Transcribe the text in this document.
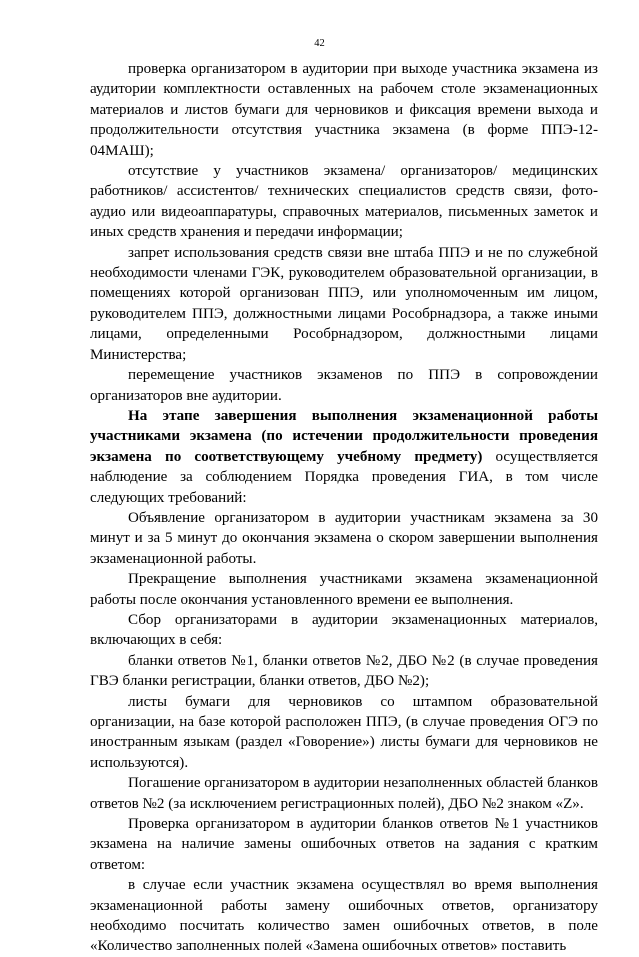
42

проверка организатором в аудитории при выходе участника экзамена из аудитории комплектности оставленных на рабочем столе экзаменационных материалов и листов бумаги для черновиков и фиксация времени выхода и продолжительности отсутствия участника экзамена (в форме ППЭ-12-04МАШ);

отсутствие у участников экзамена/ организаторов/ медицинских работников/ ассистентов/ технических специалистов средств связи, фото-аудио или видеоаппаратуры, справочных материалов, письменных заметок и иных средств хранения и передачи информации;

запрет использования средств связи вне штаба ППЭ и не по служебной необходимости членами ГЭК, руководителем образовательной организации, в помещениях которой организован ППЭ, или уполномоченным им лицом, руководителем ППЭ, должностными лицами Рособрнадзора, а также иными лицами, определенными Рособрнадзором, должностными лицами Министерства;

перемещение участников экзаменов по ППЭ в сопровождении организаторов вне аудитории.

На этапе завершения выполнения экзаменационной работы участниками экзамена (по истечении продолжительности проведения экзамена по соответствующему учебному предмету) осуществляется наблюдение за соблюдением Порядка проведения ГИА, в том числе следующих требований:

Объявление организатором в аудитории участникам экзамена за 30 минут и за 5 минут до окончания экзамена о скором завершении выполнения экзаменационной работы.

Прекращение выполнения участниками экзамена экзаменационной работы после окончания установленного времени ее выполнения.

Сбор организаторами в аудитории экзаменационных материалов, включающих в себя:

бланки ответов №1, бланки ответов №2, ДБО №2 (в случае проведения ГВЭ бланки регистрации, бланки ответов, ДБО №2);

листы бумаги для черновиков со штампом образовательной организации, на базе которой расположен ППЭ, (в случае проведения ОГЭ по иностранным языкам (раздел «Говорение») листы бумаги для черновиков не используются).

Погашение организатором в аудитории незаполненных областей бланков ответов №2 (за исключением регистрационных полей), ДБО №2 знаком «Z».

Проверка организатором в аудитории бланков ответов №1 участников экзамена на наличие замены ошибочных ответов на задания с кратким ответом:

в случае если участник экзамена осуществлял во время выполнения экзаменационной работы замену ошибочных ответов, организатору необходимо посчитать количество замен ошибочных ответов, в поле «Количество заполненных полей «Замена ошибочных ответов» поставить
